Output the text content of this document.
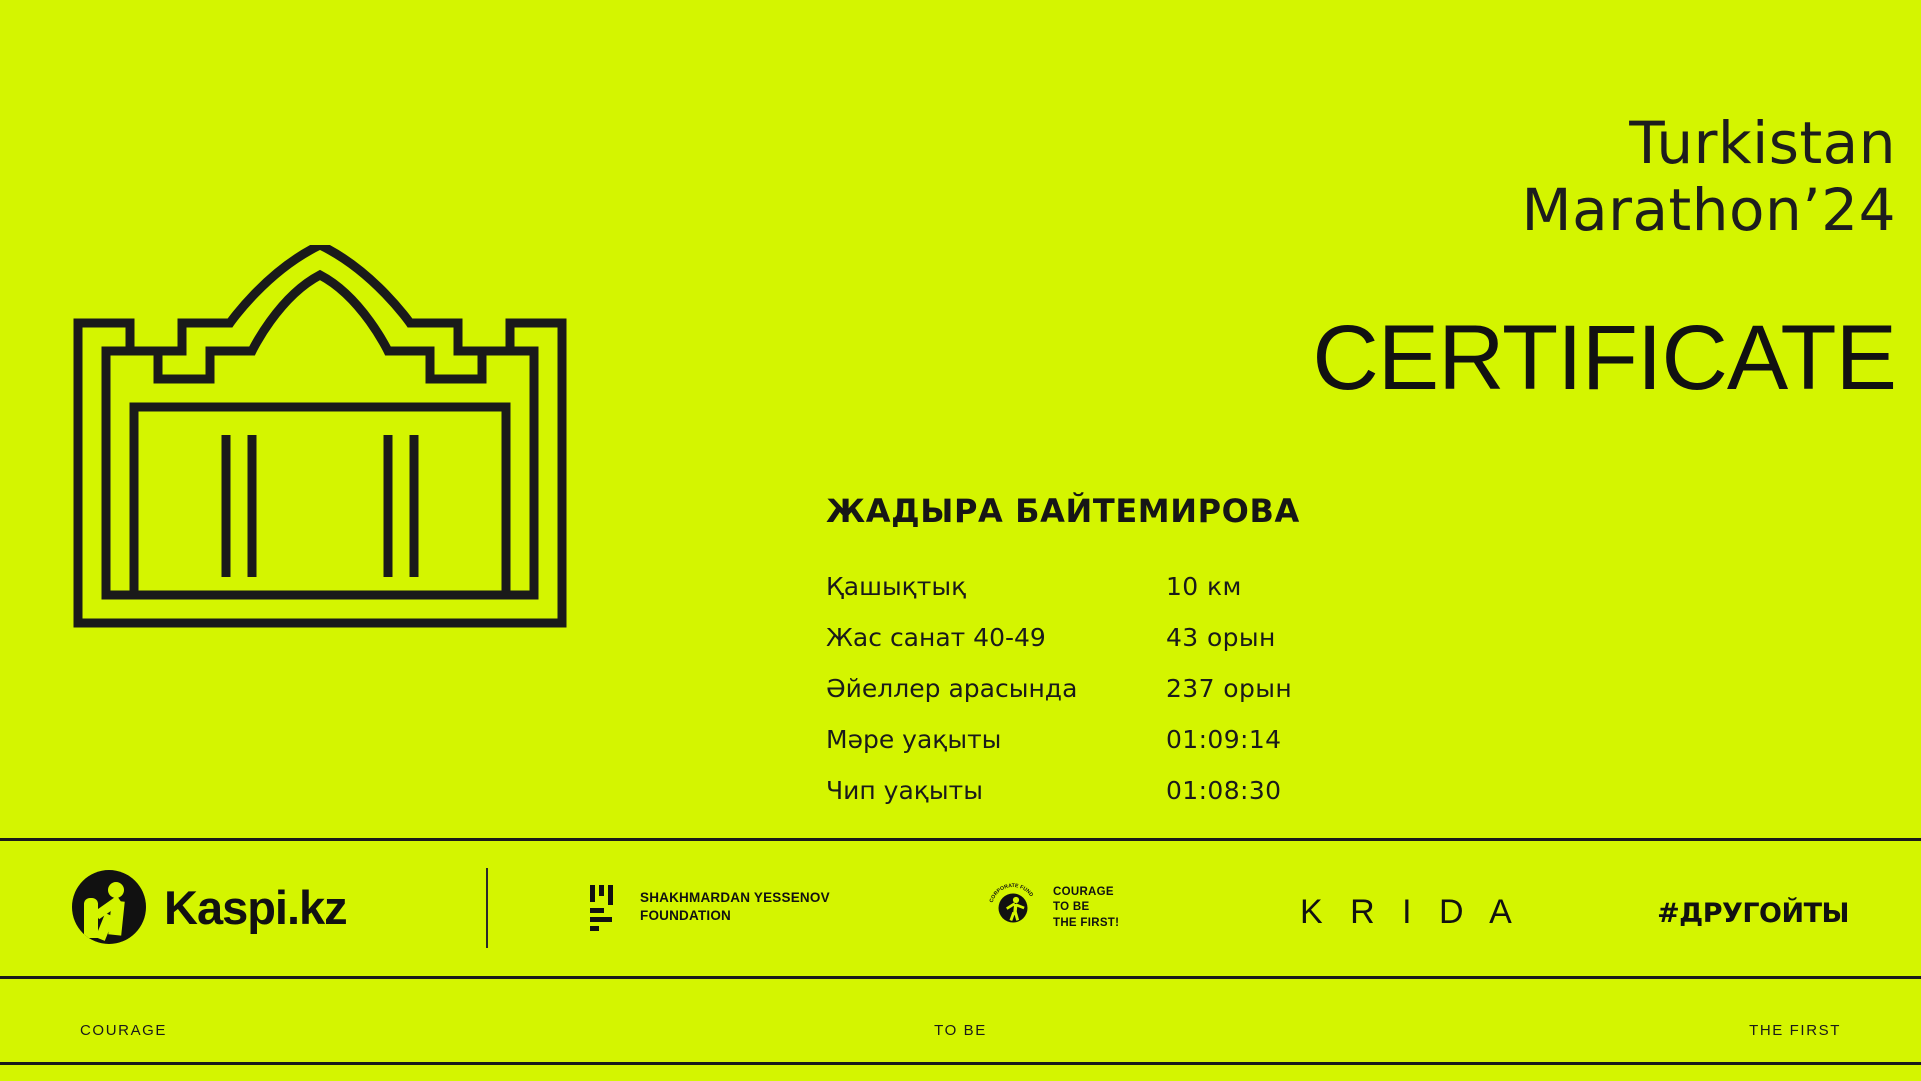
Turkistan
Marathon’24
CERTIFICATE
ЖАДЫРА БАЙТЕМИРОВА
Қашықтық	10 км
Жас санат 40-49	43 орын
Әйеллер арасында	237 орын
Мәре уақыты	01:09:14
Чип уақыты	01:08:30
Kaspi.kz	SHAKHMARDAN YESSENOV
FOUNDATION
CORPORATE FUND COURAGE
TO BE
THE FIRST!	K R I D A	#ДРУГОЙТЫ
COURAGE	TO BE	THE FIRST
